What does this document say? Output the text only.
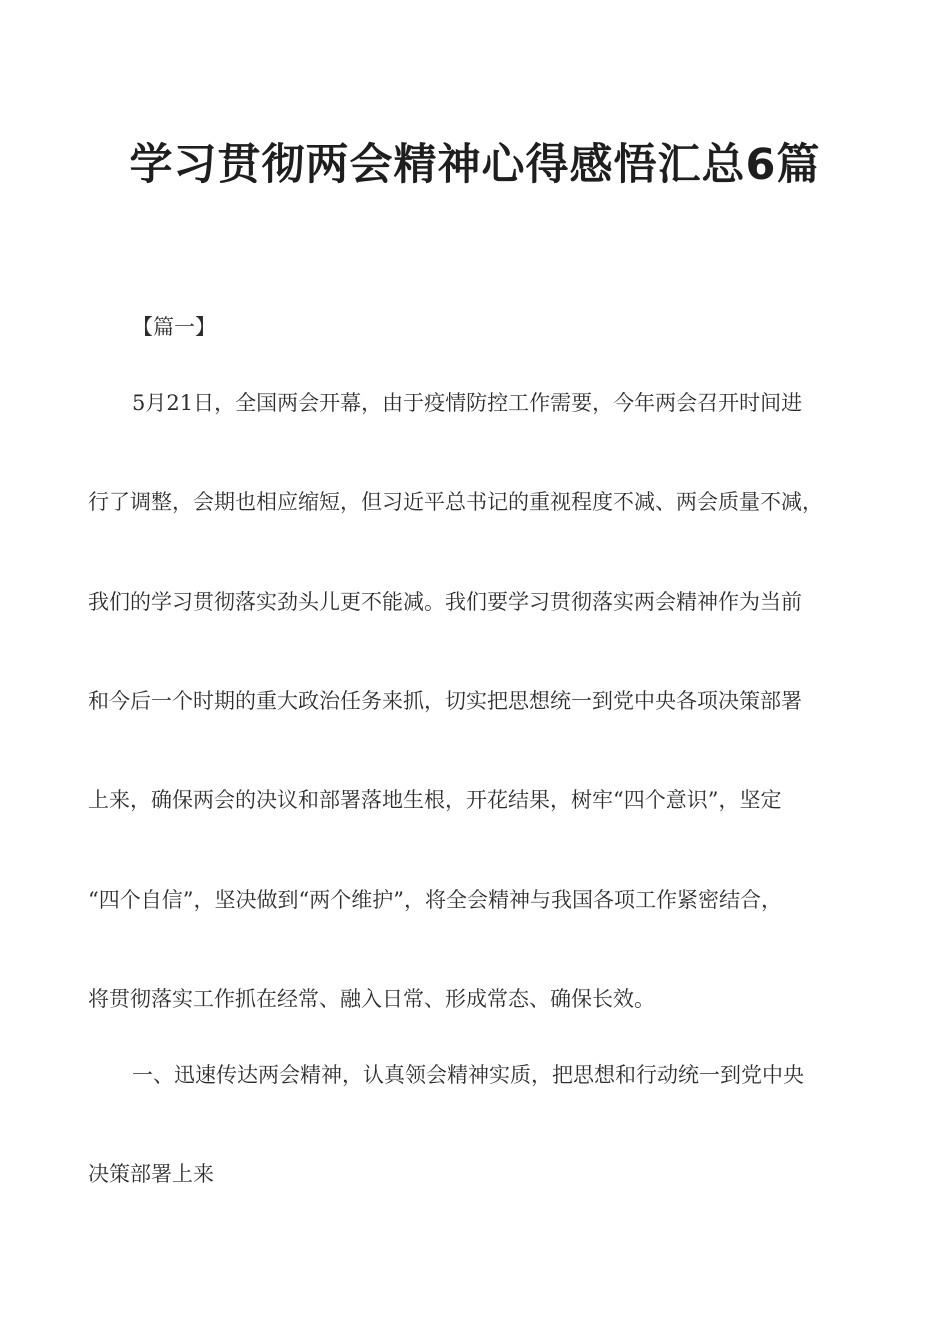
学习贯彻两会精神心得感悟汇总6篇
【篇一】
5月21日，全国两会开幕，由于疫情防控工作需要，今年两会召开时间进
行了调整，会期也相应缩短，但习近平总书记的重视程度不减、两会质量不减，
我们的学习贯彻落实劲头儿更不能减。我们要学习贯彻落实两会精神作为当前
和今后一个时期的重大政治任务来抓，切实把思想统一到党中央各项决策部署
上来，确保两会的决议和部署落地生根，开花结果，树牢“四个意识”，坚定
“四个自信”，坚决做到“两个维护”，将全会精神与我国各项工作紧密结合，
将贯彻落实工作抓在经常、融入日常、形成常态、确保长效。
一、迅速传达两会精神，认真领会精神实质，把思想和行动统一到党中央
决策部署上来
